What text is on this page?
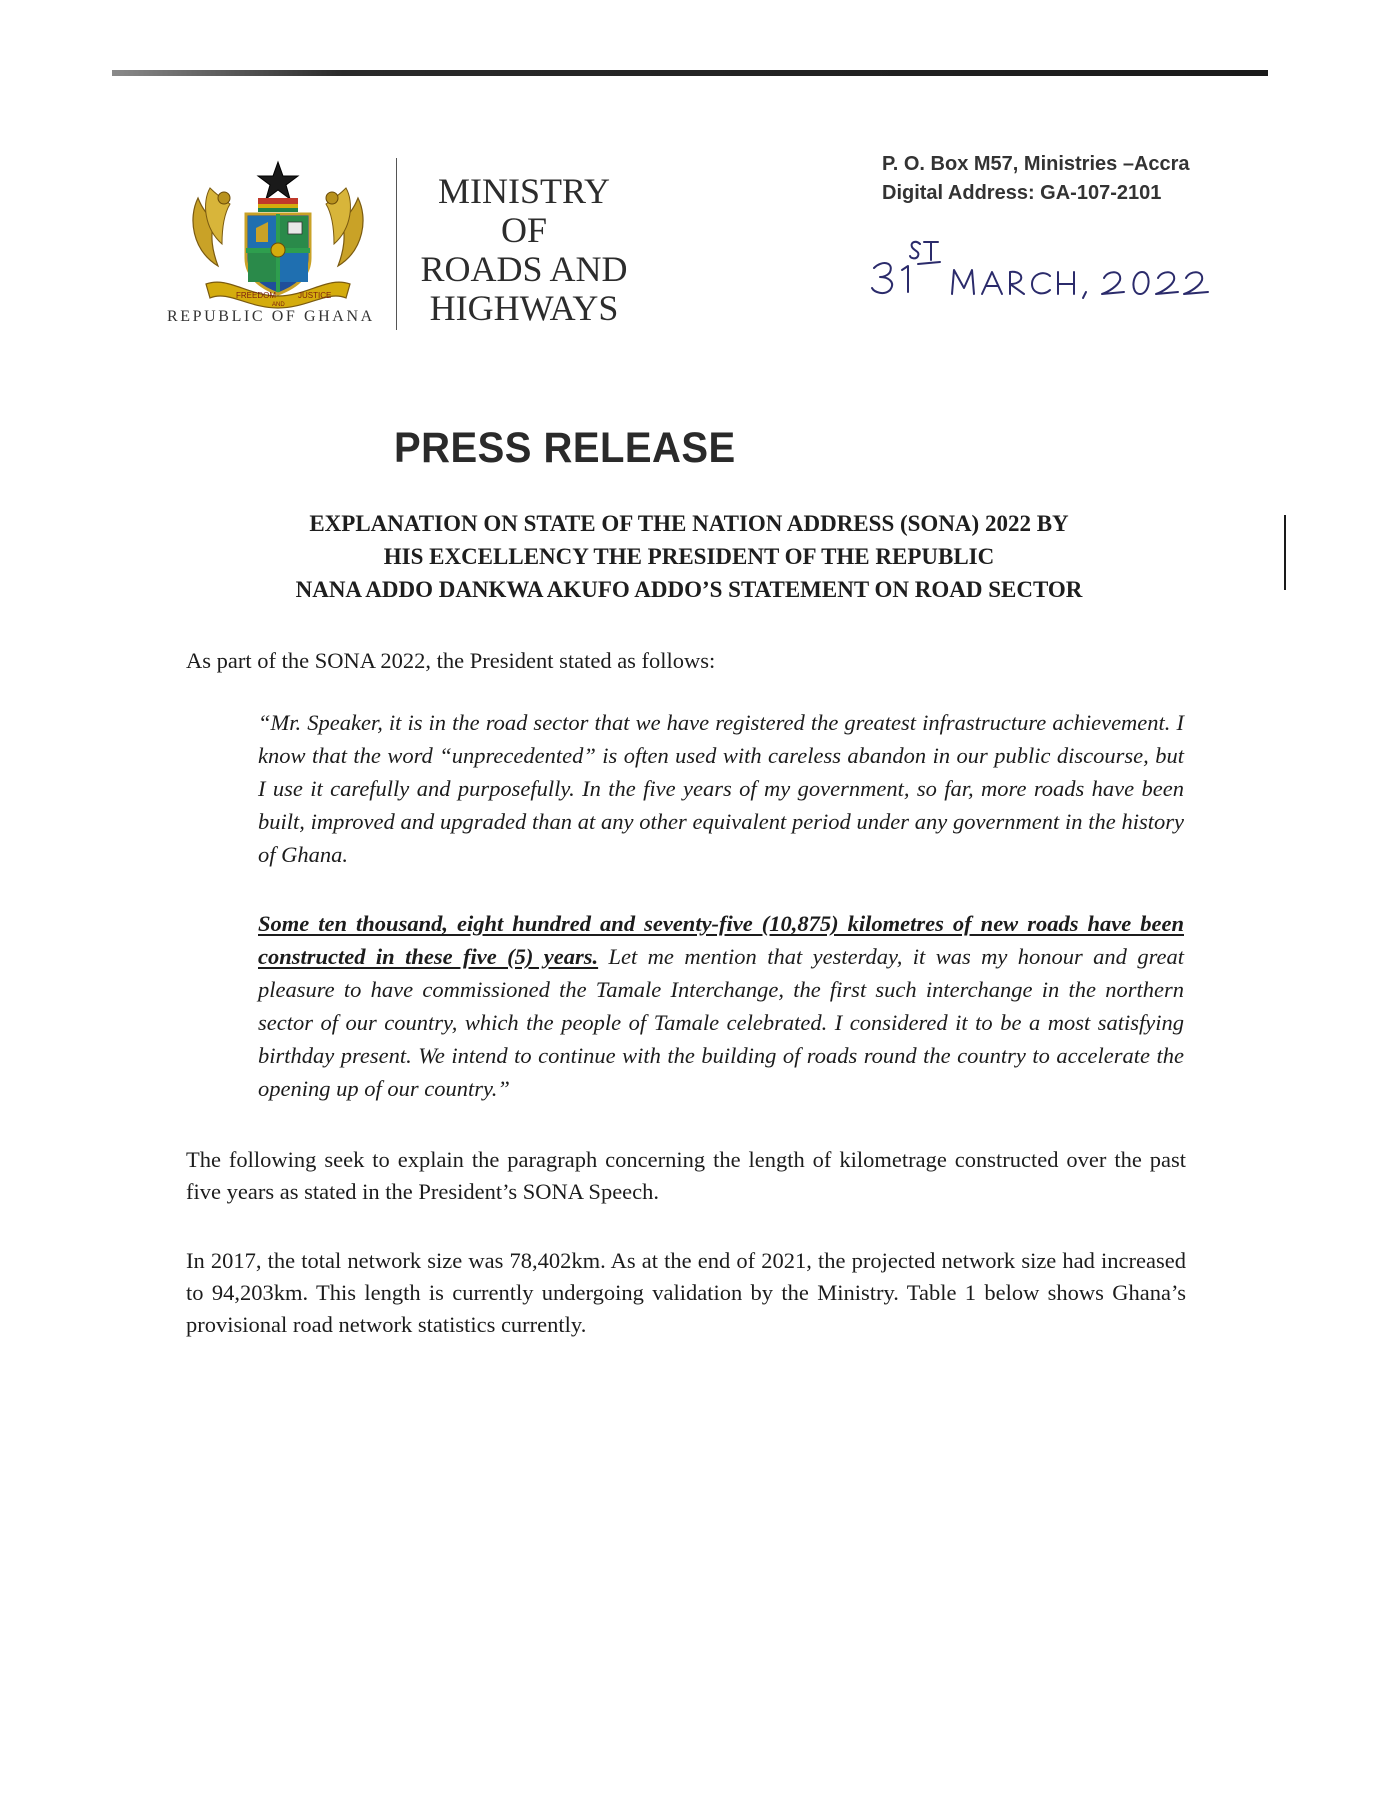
FREEDOM
AND
JUSTICE
REPUBLIC OF GHANA
MINISTRY
OF
ROADS AND
HIGHWAYS
P. O. Box M57, Ministries –Accra
Digital Address: GA-107-2101
PRESS RELEASE
EXPLANATION ON STATE OF THE NATION ADDRESS (SONA) 2022 BY
HIS EXCELLENCY THE PRESIDENT OF THE REPUBLIC
NANA ADDO DANKWA AKUFO ADDO’S STATEMENT ON ROAD SECTOR
As part of the SONA 2022, the President stated as follows:
“Mr. Speaker, it is in the road sector that we have registered the greatest infrastructure achievement. I know that the word “unprecedented” is often used with careless abandon in our public discourse, but I use it carefully and purposefully. In the five years of my government, so far, more roads have been built, improved and upgraded than at any other equivalent period under any government in the history of Ghana.
Some ten thousand, eight hundred and seventy-five (10,875) kilometres of new roads have been constructed in these five (5) years. Let me mention that yesterday, it was my honour and great pleasure to have commissioned the Tamale Interchange, the first such interchange in the northern sector of our country, which the people of Tamale celebrated. I considered it to be a most satisfying birthday present. We intend to continue with the building of roads round the country to accelerate the opening up of our country.”
The following seek to explain the paragraph concerning the length of kilometrage constructed over the past five years as stated in the President’s SONA Speech.
In 2017, the total network size was 78,402km. As at the end of 2021, the projected network size had increased to 94,203km. This length is currently undergoing validation by the Ministry. Table 1 below shows Ghana’s provisional road network statistics currently.
